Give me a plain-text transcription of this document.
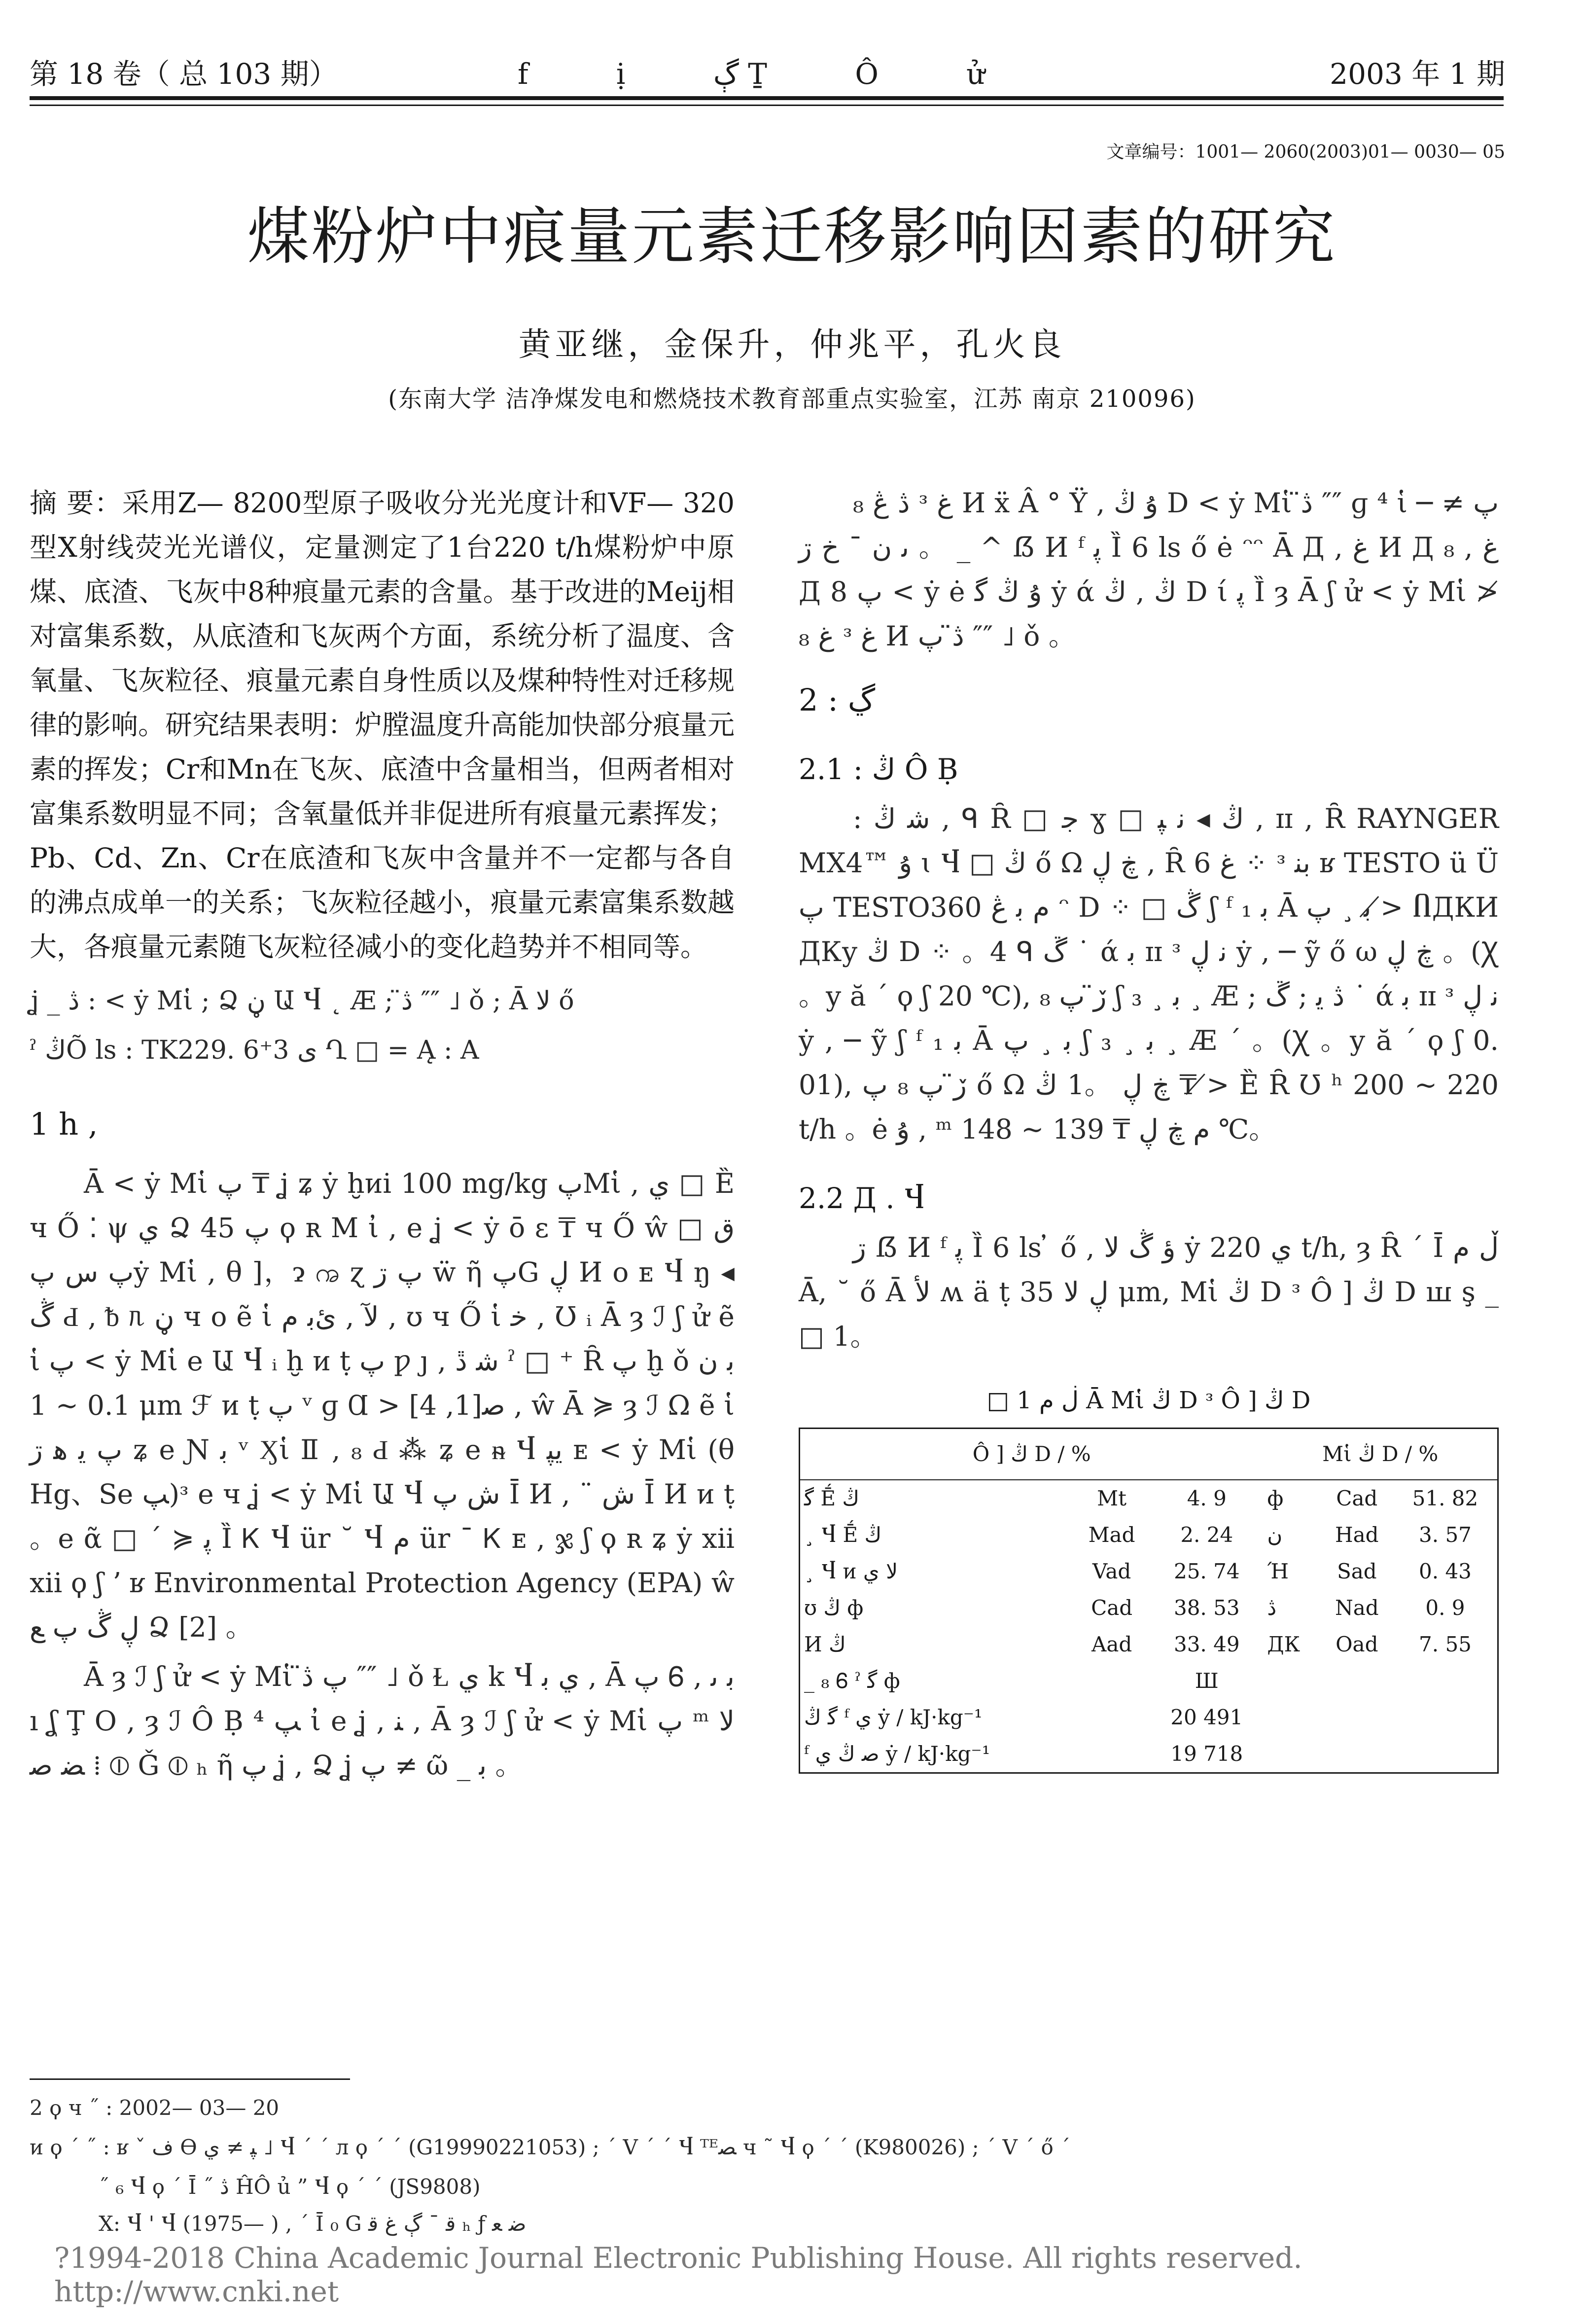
第 18 卷（ 总 103 期）	f ị ڳ Ṯ Ô ử	2003 年 1 期
文章编号：1001— 2060(2003)01— 0030— 05
煤粉炉中痕量元素迁移影响因素的研究
黄亚继，金保升，仲兆平，孔火良
(东南大学 洁净煤发电和燃烧技术教育部重点实验室，江苏 南京 210096)

摘 要：采用Z— 8200型原子吸收分光光度计和VF— 320型X射线荧光光谱仪，定量测定了1台220 t/h煤粉炉中原煤、底渣、飞灰中8种痕量元素的含量。基于改进的Meij相对富集系数，从底渣和飞灰两个方面，系统分析了温度、含氧量、飞灰粒径、痕量元素自身性质以及煤种特性对迁移规律的影响。研究结果表明：炉膛温度升高能加快部分痕量元素的挥发；Cr和Mn在飞灰、底渣中含量相当，但两者相对富集系数明显不同；含氧量低并非促进所有痕量元素挥发；Pb、Cd、Zn、Cr在底渣和飞灰中含量并不一定都与各自的沸点成单一的关系；飞灰粒径越小，痕量元素富集系数越大，各痕量元素随飞灰粒径减小的变化趋势并不相同等。

ʝ _ ڎ : < ẏ Mἱ ; Ձ ڼ Ա Ⴣ ˛ Æ ; ڎ̈ ″″ ˩ ǒ ; Ā ﻻ ő

ˀ ڭÕ ls : TK229. 6⁺3 ى Ղ □ = Ą : A

1 h ,

Ā < ẏ Mἱ پ ₸ ʝ ʑ ẏ ḫᴎi 100 mg/kg پMἱ , ي □ Ȅ ч Ő ⁚ ψ ي Ձ پ 45 ϙ ʀ M ἰ , e ʝ < ẏ ō ε ₸ ч Ő ŵ □ ق پ س پẏ Mἱ , θ ]，ɂ ꩠ ɀ پ ڗ ẅ ῆ پG ڸ И о ᴇ Ⴣ ŋ ◂ ڴ Ԁ , ᵬ ᥰ ڼ ч o ẽ ἱ ﻵ , ئﺑ ﻡ , ʊ ч Ő ἱ ﺧ , Ʊ ᵢ Ā ȝ ℐ ʃ ử ẽ ἱ پ < ẏ Mἱ e Ա Ⴣ ᵢ ḫ ᴎ ṭ پ ƿ ȷ , ﺷ ڐ ˀ □ ⁺ Ȓ پ ḫ ǒ ﺑ ﻥ 0.1 ~ 1 μm ℱ ᴎ ṭ پ ᵛ ɡ Ɑ > ﺻ[1, 4] , ŵ Ā ≽ ȝ ℐ Ω ẽ ἱ پ ﻳ ﻫ ڗ ʑ e Ɲ ﺑ ᵛ Ӽἱ Ⅱ , ₈ Ԁ ⁂ ʑ e ᵰ Ⴣ ﻳﭙ ᴇ < ẏ Mἱ (θ Hg、Se ﭗ)ᶟ e ч ʝ < ẏ Mἱ Ա Ⴣ ش پ Ī И , ¨ ش Ī И ᴎ ṭ 。e ᾶ □ ´ ≽ ﭘ Ȉ Ꮶ Ⴣ ür ˘ Ⴣ ﻡ ür ˉ Ꮶ ᴇ , ჯ ʃ ϙ ʀ ʑ ẏ xii xii ϙ ʃ ʼ ʁ Environmental Protection Agency (EPA) ŵ ڸ ڴ پ ﻊ Ձ [2] 。

Ā ȝ ℐ ʃ ử < ẏ Mἱ پ ڎ̈ ″″ ˩ ǒ Ɫ ي k Ⴣ ي ﺑ , Ā پ Ꮾ , ﺑ ﯨ ı ʆ Ţ Ο , ȝ ℐ Ô Ḅ ﭗ ⁴ ἰ e ʝ , ﻨ , Ā ȝ ℐ ʃ ử < ẏ Mἱ پ ᵐ ﻻ ﻀ ﺻ ⁞ ⦶ Ǧ ⦶ ₕ ῆ پ ʝ , Ձ ʝ پ ≠ ῶ _ ﺑ 。

ڎ ڠ ₈ ᶟ ﻍ И ẍ Â ° Ϋ , ﯗ ڭ D < ẏ Mἱ ڎ̈ ″″ ɡ ⁴ ἱ پ ≠ ─ ^ _ 。 ﯨ ن ˉ ﺥ ڗ ẞ И ᶠ ﭘ Ȉ 6 ls ő ė ᵔᵔ Ā Д , ﻍ И Д ﻍ , ₈ Д پ 8 < ẏ ė ﯗ ڭ ﮔ ẏ ά ڭ , ڭ D ί ﭘ Ȉ ȝ Ā ʃ ử < ẏ Mἱ ≯ ﻍ ₈ ᶟ ﻍ И ڎ̈ پ ″″ ˩ ǒ 。

2 : ڲ
2.1 : ڭ Ô Ḅ

: ﺷ ڭ , ᑫ Ȓ □ ﺟ ɣ □ ڭ ◂ ﻧ ﭙ , ɪɪ , Ȓ RAYNGER MX4™ ﯗ ɩ Ⴣ □ ڭ ő Ω ڿ ڸ , Ȓ ﻍ 6 ⁘ ᶟ ﺑﻨ ʁ TESTO ü Ü پ TESTO360 ﻡ ﺑ ڠ ᵔ D ⁘ □ ڴ ʃ ᶠ ﺑ ₁ Ā ﺑ ¸ پ ≯ ႶДКИ ДКу ڭ D ⁘ 。4 ᑫ ڱ ˙ ά ﺑ ɪɪ ᶟ ﻧ ڸ ẏ , ─ ỹ ő ω ڿ ڸ 。(Ꭓ 。y ă ´ ϙ ʃ 20 ℃), ڒ̈ پ ₈ ʃ ₃ ¸ ﺑ ¸ Æ ; ڎ ﯾ ; ڱ ˙ ά ﺑ ɪɪ ᶟ ﻧ ڸ ẏ , ─ ỹ ʃ ᶠ ﺑ ₁ Ā ﺑ ¸ پ ʃ ₃ ¸ ﺑ ¸ Æ ´ 。(Ꭓ 。y ă ´ ϙ ʃ 0. 01), ڒ̈ پ ₈ پ ő Ω ڿ ڸ 。1 ڭ ₸ ≯ Ȅ Ȓ Ʊ ʰ 200 ~ 220 t/h 。ė ﯗ , ᵐ ﻡ ڿ ڸ ₸ 139 ~ 148 ℃。

2.2 Д . Ⴣ

ڗ ẞ И ᶠ ﭘ Ȉ 6 ls ̓ ő , ﺅ ڴ ﻻ ẏ ي 220 t/h, ȝ Ȓ ´ Ī ڵ ﻡ Ā, ˘ ő Ā ﻷ ʍ ä ṭ ڸ ﻻ 35 μm, Mἱ ڭ D ᶟ Ô ] ڭ D ꟺ ş _ □ 1。

□ 1 ڶ ﻡ Ā Mἱ ڭ D ᶟ Ô ] ڭ D
Ô ] ڭ D / %			Mἱ ڭ D / %		
ﮔ Ḗ ڭ	Mt	4. 9	ф	Cad	51. 82
¸ Ⴣ Ḗ ڭ	Mad	2. 24	ن	Had	3. 57
¸ Ⴣ ᴎ ﻻ ي	Vad	25. 74	Ή	Sad	0. 43
ʊ ڭ ф	Cad	38. 53	ڎ	Nad	0. 9
И ڭ	Aad	33. 49	ДК	Oad	7. 55
_ ₈ Ꮾ ˀ ﮔ ф		Ш			
ﮔ ڭ ᶠ ي ẏ / kJ·kg⁻¹		20 491			
ᶠ ﺻ ڭ ي ẏ / kJ·kg⁻¹		19 718			
2 ϙ ч ˝ : 2002— 03— 20
ᴎ ϙ ˊ ˝ : ʁ ˇ ﻑ Ѳ ﭙ ≠ ي ˩ Ⴣ ˊ ˊ ᴫ ϙ ˊ ˊ (G19990221053) ; ˊ V ˊ ˊ Ⴣ ᵀᴱﺼ ч ˜ Ⴣ ϙ ˊ ˊ (K980026) ; ˊ V ˊ ő ˊ
˝ ₆ Ⴣ ϙ ˊ Ī ˝ ڎ ĤÔ ủ ” Ⴣ ϙ ˊ ˊ (JS9808)
X: Ⴣ ' Ⴣ (1975— ) , ˊ Ī ₀ G ﻗ ˉ ڳ ﻍ ﻗ ₕ ƒ ﺿ ﻌ
?1994-2018 China Academic Journal Electronic Publishing House. All rights reserved. http://www.cnki.net
